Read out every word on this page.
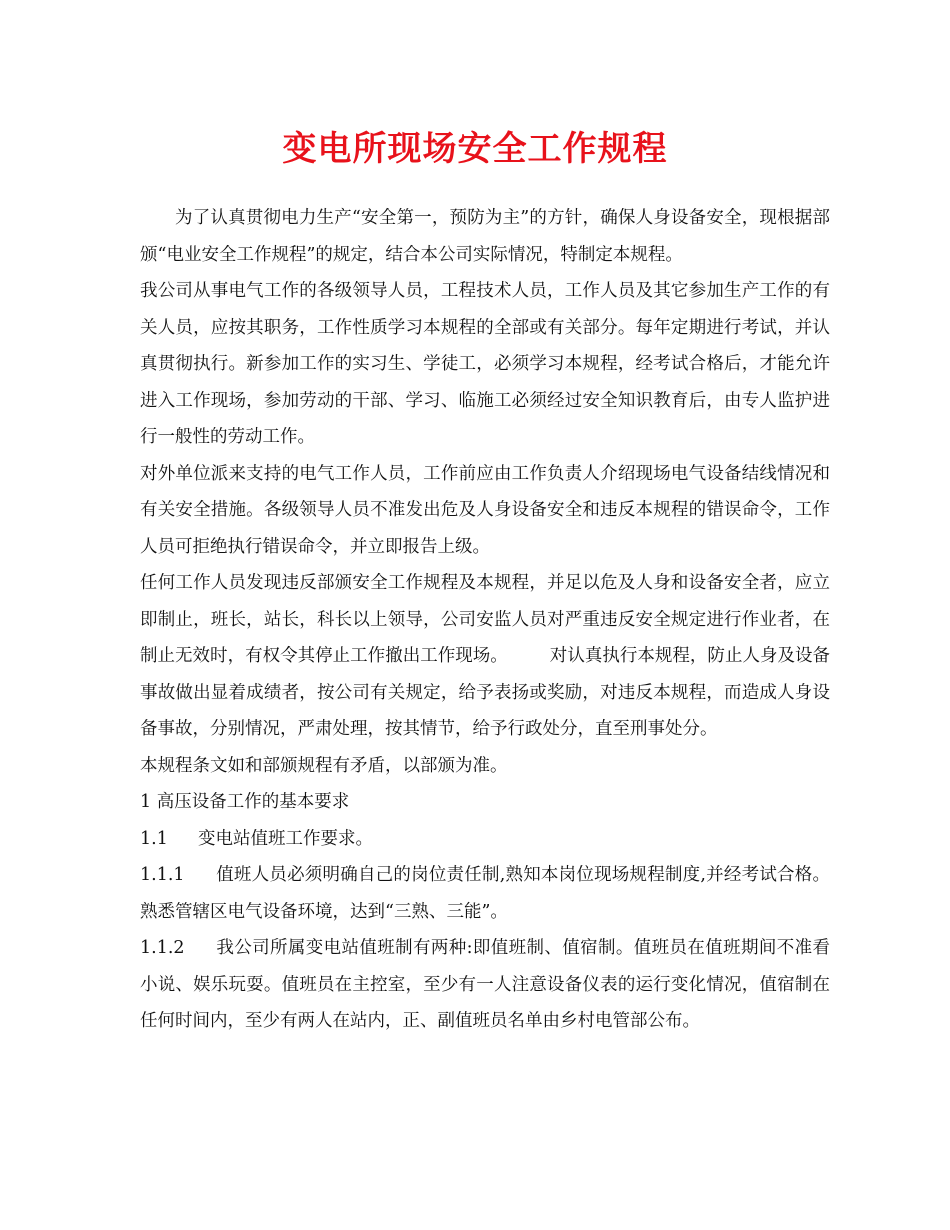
变电所现场安全工作规程

为了认真贯彻电力生产“安全第一，预防为主”的方针，确保人身设备安全，现根据部颁“电业安全工作规程”的规定，结合本公司实际情况，特制定本规程。

我公司从事电气工作的各级领导人员，工程技术人员，工作人员及其它参加生产工作的有关人员，应按其职务，工作性质学习本规程的全部或有关部分。每年定期进行考试，并认真贯彻执行。新参加工作的实习生、学徒工，必须学习本规程，经考试合格后，才能允许进入工作现场，参加劳动的干部、学习、临施工必须经过安全知识教育后，由专人监护进行一般性的劳动工作。

对外单位派来支持的电气工作人员，工作前应由工作负责人介绍现场电气设备结线情况和有关安全措施。各级领导人员不准发出危及人身设备安全和违反本规程的错误命令，工作人员可拒绝执行错误命令，并立即报告上级。

任何工作人员发现违反部颁安全工作规程及本规程，并足以危及人身和设备安全者，应立即制止，班长，站长，科长以上领导，公司安监人员对严重违反安全规定进行作业者，在制止无效时，有权令其停止工作撤出工作现场。 对认真执行本规程，防止人身及设备事故做出显着成绩者，按公司有关规定，给予表扬或奖励，对违反本规程，而造成人身设备事故，分别情况，严肃处理，按其情节，给予行政处分，直至刑事处分。

本规程条文如和部颁规程有矛盾，以部颁为准。

1 高压设备工作的基本要求

1.1 变电站值班工作要求。

1.1.1 值班人员必须明确自己的岗位责任制,熟知本岗位现场规程制度,并经考试合格。熟悉管辖区电气设备环境，达到“三熟、三能”。

1.1.2 我公司所属变电站值班制有两种:即值班制、值宿制。值班员在值班期间不准看小说、娱乐玩耍。值班员在主控室，至少有一人注意设备仪表的运行变化情况，值宿制在任何时间内，至少有两人在站内，正、副值班员名单由乡村电管部公布。
